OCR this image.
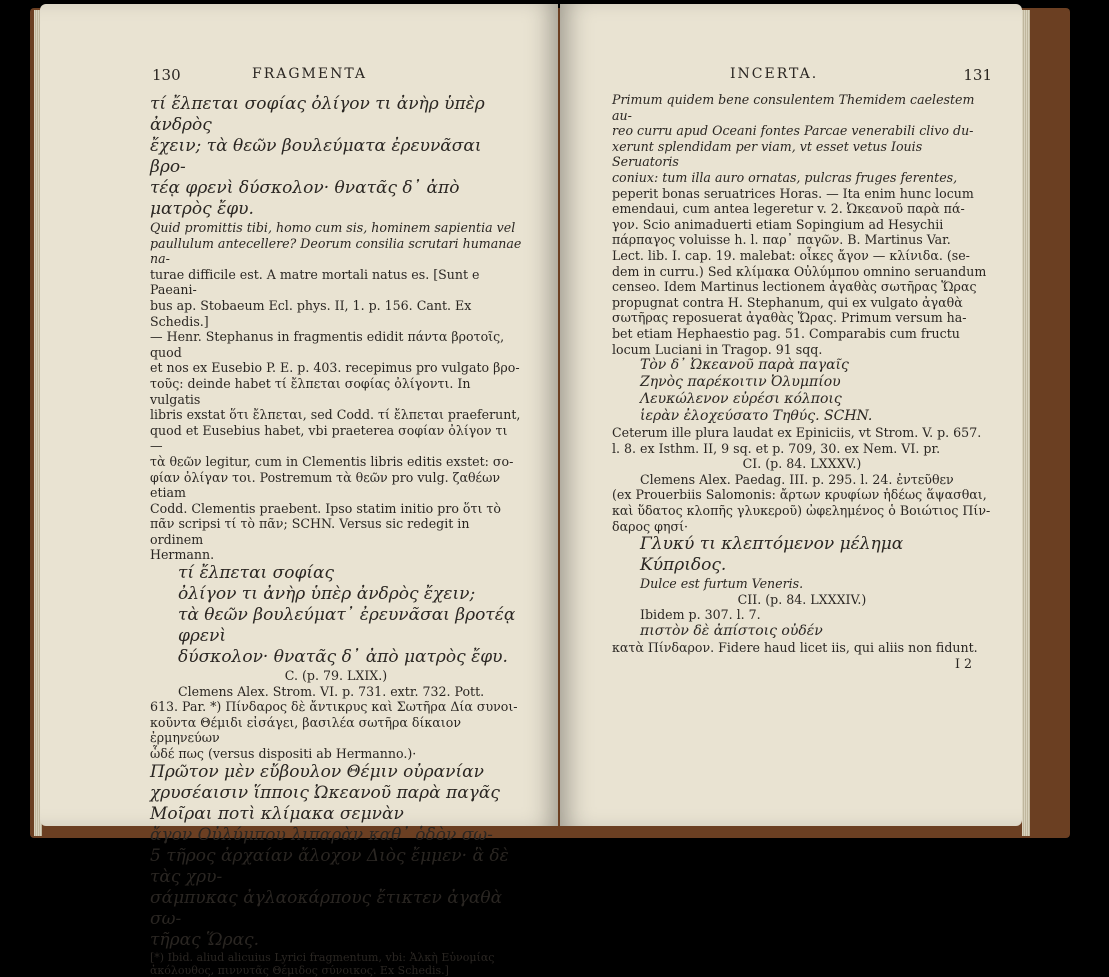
130	FRAGMENTA

τί ἔλπεται σοφίας ὀλίγον τι ἀνὴρ ὑπὲρ ἀνδρὸς

ἔχειν; τὰ θεῶν βουλεύματα ἐρευνᾶσαι βρο-

τέᾳ φρενὶ δύσκολον· θνατᾶς δ᾽ ἀπὸ ματρὸς ἔφυ.

Quid promittis tibi, homo cum sis, hominem sapientia vel

paullulum antecellere? Deorum consilia scrutari humanae na-

turae difficile est. A matre mortali natus es. [Sunt e Paeani-

bus ap. Stobaeum Ecl. phys. II, 1. p. 156. Cant. Ex Schedis.]

— Henr. Stephanus in fragmentis edidit πάντα βροτοῖς, quod

et nos ex Eusebio P. E. p. 403. recepimus pro vulgato βρο-

τοῦς: deinde habet τί ἔλπεται σοφίας ὀλίγοντι. In vulgatis

libris exstat ὅτι ἔλπεται, sed Codd. τί ἔλπεται praeferunt,

quod et Eusebius habet, vbi praeterea σοφίαν ὀλίγον τι —

τὰ θεῶν legitur, cum in Clementis libris editis exstet: σο-

φίαν ὀλίγαν τοι. Postremum τὰ θεῶν pro vulg. ζαθέων etiam

Codd. Clementis praebent. Ipso statim initio pro ὅτι τὸ

πᾶν scripsi τί τὸ πᾶν; SCHN. Versus sic redegit in ordinem

Hermann.

τί ἔλπεται σοφίας

ὀλίγον τι ἀνὴρ ὑπὲρ ἀνδρὸς ἔχειν;

τὰ θεῶν βουλεύματ᾽ ἐρευνᾶσαι βροτέᾳ φρενὶ

δύσκολον· θνατᾶς δ᾽ ἀπὸ ματρὸς ἔφυ.

C. (p. 79. LXIX.)

Clemens Alex. Strom. VI. p. 731. extr. 732. Pott.

613. Par. *) Πίνδαρος δὲ ἄντικρυς καὶ Σωτῆρα Δία συνοι-

κοῦντα Θέμιδι εἰσάγει, βασιλέα σωτῆρα δίκαιον ἐρμηνεύων

ὧδέ πως (versus dispositi ab Hermanno.)·

Πρῶτον μὲν εὔβουλον Θέμιν οὐρανίαν

χρυσέαισιν ἵπποις Ὠκεανοῦ παρὰ παγᾶς

Μοῖραι ποτὶ κλίμακα σεμνὰν

ἄγον Οὐλύμπου λιπαρὰν καθ᾽ ὁδὸν σω-

5 τῆρος ἀρχαίαν ἄλοχον Διὸς ἔμμεν· ἃ δὲ τὰς χρυ-

σάμπυκας ἀγλαοκάρπους ἔτικτεν ἀγαθὰ σω-

τῆρας Ὥρας.

[*) Ibid. aliud alicuius Lyrici fragmentum, vbi: Ἀλκὴ Εὐνομίας

ἀκόλουθος, πιννυτᾶς Θέμιδος σύνοικος. Ex Schedis.]

INCERTA.	131

Primum quidem bene consulentem Themidem caelestem au-

reo curru apud Oceani fontes Parcae venerabili clivo du-

xerunt splendidam per viam, vt esset vetus Iouis Seruatoris

coniux: tum illa auro ornatas, pulcras fruges ferentes,

peperit bonas seruatrices Horas. — Ita enim hunc locum

emendaui, cum antea legeretur v. 2. Ὠκεανοῦ παρὰ πά-

γον. Scio animaduerti etiam Sopingium ad Hesychii

πάρπαγος voluisse h. l. παρ᾽ παγῶν. B. Martinus Var.

Lect. lib. I. cap. 19. malebat: οἶκες ἄγον — κλίνιδα. (se-

dem in curru.) Sed κλίμακα Οὐλύμπου omnino seruandum

censeo. Idem Martinus lectionem ἀγαθὰς σωτῆρας Ὥρας

propugnat contra H. Stephanum, qui ex vulgato ἀγαθὰ

σωτῆρας reposuerat ἀγαθὰς Ὥρας. Primum versum ha-

bet etiam Hephaestio pag. 51. Comparabis cum fructu

locum Luciani in Tragop. 91 sqq.

Τὸν δ᾽ Ὠκεανοῦ παρὰ παγαῖς

Ζηνὸς παρέκοιτιν Ὀλυμπίου

Λευκώλενον εὐρέσι κόλποις

ἱερὰν ἐλοχεύσατο Τηθύς. SCHN.

Ceterum ille plura laudat ex Epiniciis, vt Strom. V. p. 657.

l. 8. ex Isthm. II, 9 sq. et p. 709, 30. ex Nem. VI. pr.

CI. (p. 84. LXXXV.)

Clemens Alex. Paedag. III. p. 295. l. 24. ἐντεῦθεν

(ex Prouerbiis Salomonis: ἄρτων κρυφίων ἡδέως ἅψασθαι,

καὶ ὕδατος κλοπῆς γλυκεροῦ) ὠφελημένος ὁ Βοιώτιος Πίν-

δαρος φησί·

Γλυκύ τι κλεπτόμενον μέλημα Κύπριδος.

Dulce est furtum Veneris.

CII. (p. 84. LXXXIV.)

Ibidem p. 307. l. 7.

πιστὸν δὲ ἀπίστοις οὐδέν

κατὰ Πίνδαρον. Fidere haud licet iis, qui aliis non fidunt.

I 2
